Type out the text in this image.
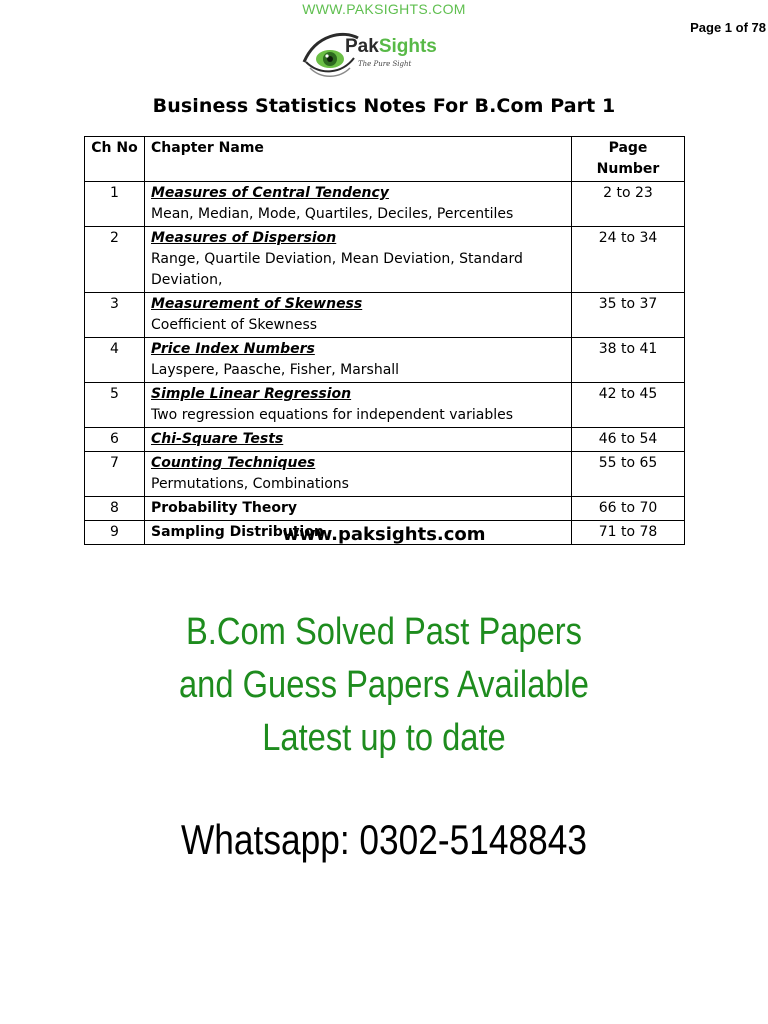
WWW.PAKSIGHTS.COM
Page 1 of 78
PakSights
The Pure Sight
Business Statistics Notes For B.Com Part 1
Ch No	Chapter Name	Page Number
1	Measures of Central Tendency
Mean, Median, Mode, Quartiles, Deciles, Percentiles	2 to 23
2	Measures of Dispersion
Range, Quartile Deviation, Mean Deviation, Standard Deviation,	24 to 34
3	Measurement of Skewness
Coefficient of Skewness	35 to 37
4	Price Index Numbers
Layspere, Paasche, Fisher, Marshall	38 to 41
5	Simple Linear Regression
Two regression equations for independent variables	42 to 45
6	Chi-Square Tests	46 to 54
7	Counting Techniques
Permutations, Combinations	55 to 65
8	Probability Theory	66 to 70
9	Sampling Distribution	71 to 78
www.paksights.com
B.Com Solved Past Papers
and Guess Papers Available
Latest up to date
Whatsapp: 0302-5148843
